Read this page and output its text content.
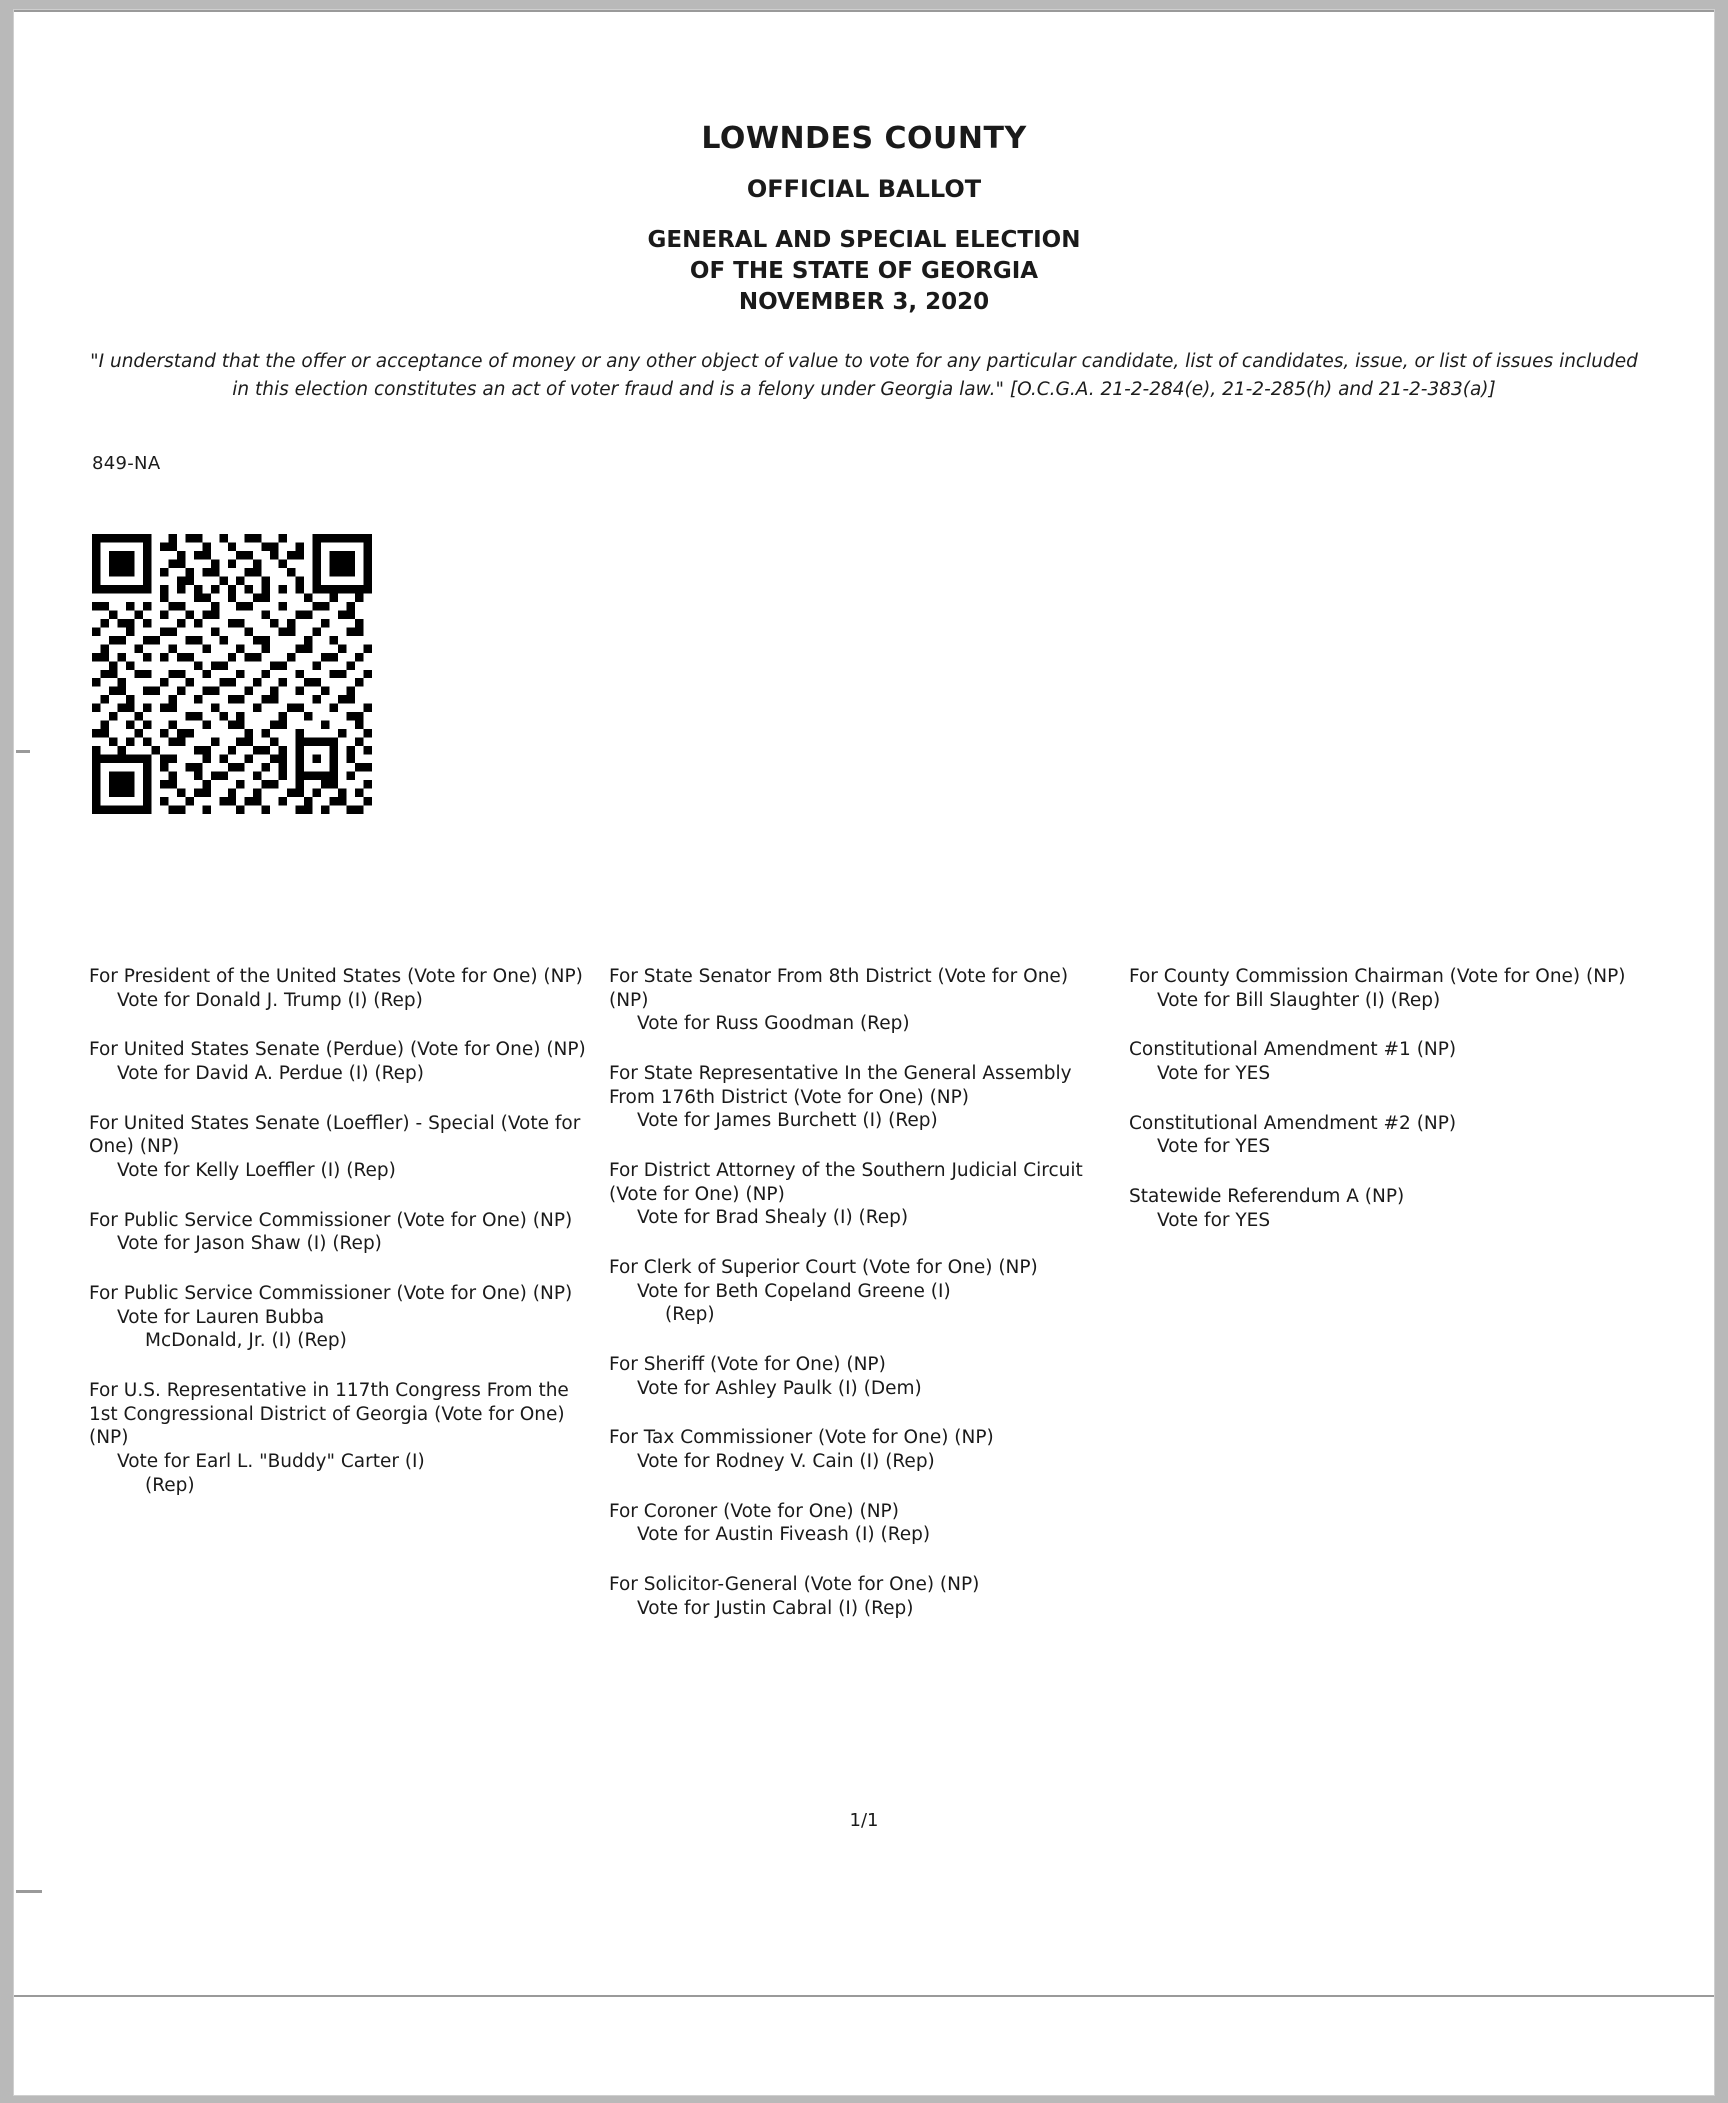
LOWNDES COUNTY
OFFICIAL BALLOT
GENERAL AND SPECIAL ELECTION
OF THE STATE OF GEORGIA
NOVEMBER 3, 2020
"I understand that the offer or acceptance of money or any other object of value to vote for any particular candidate, list of candidates, issue, or list of issues included in this election constitutes an act of voter fraud and is a felony under Georgia law." [O.C.G.A. 21-2-284(e), 21-2-285(h) and 21-2-383(a)]
849-NA
For President of the United States (Vote for One) (NP)
Vote for Donald J. Trump (I) (Rep)
For United States Senate (Perdue) (Vote for One) (NP)
Vote for David A. Perdue (I) (Rep)
For United States Senate (Loeffler) - Special (Vote for One) (NP)
Vote for Kelly Loeffler (I) (Rep)
For Public Service Commissioner (Vote for One) (NP)
Vote for Jason Shaw (I) (Rep)
For Public Service Commissioner (Vote for One) (NP)
Vote for Lauren Bubba
McDonald, Jr. (I) (Rep)
For U.S. Representative in 117th Congress From the 1st Congressional District of Georgia (Vote for One) (NP)
Vote for Earl L. "Buddy" Carter (I)
(Rep)
For State Senator From 8th District (Vote for One) (NP)
Vote for Russ Goodman (Rep)
For State Representative In the General Assembly From 176th District (Vote for One) (NP)
Vote for James Burchett (I) (Rep)
For District Attorney of the Southern Judicial Circuit (Vote for One) (NP)
Vote for Brad Shealy (I) (Rep)
For Clerk of Superior Court (Vote for One) (NP)
Vote for Beth Copeland Greene (I)
(Rep)
For Sheriff (Vote for One) (NP)
Vote for Ashley Paulk (I) (Dem)
For Tax Commissioner (Vote for One) (NP)
Vote for Rodney V. Cain (I) (Rep)
For Coroner (Vote for One) (NP)
Vote for Austin Fiveash (I) (Rep)
For Solicitor-General (Vote for One) (NP)
Vote for Justin Cabral (I) (Rep)
For County Commission Chairman (Vote for One) (NP)
Vote for Bill Slaughter (I) (Rep)
Constitutional Amendment #1 (NP)
Vote for YES
Constitutional Amendment #2 (NP)
Vote for YES
Statewide Referendum A (NP)
Vote for YES
1/1
